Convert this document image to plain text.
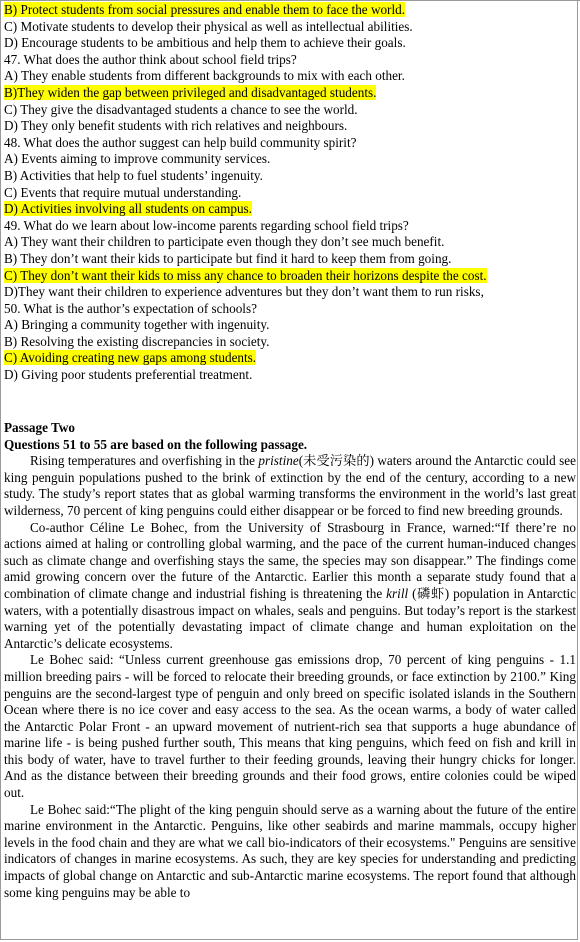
B) Protect students from social pressures and enable them to face the world.
C) Motivate students to develop their physical as well as intellectual abilities.
D) Encourage students to be ambitious and help them to achieve their goals.
47. What does the author think about school field trips?
A) They enable students from different backgrounds to mix with each other.
B)They widen the gap between privileged and disadvantaged students.
C) They give the disadvantaged students a chance to see the world.
D) They only benefit students with rich relatives and neighbours.
48. What does the author suggest can help build community spirit?
A) Events aiming to improve community services.
B) Activities that help to fuel students’ ingenuity.
C) Events that require mutual understanding.
D) Activities involving all students on campus.
49. What do we learn about low-income parents regarding school field trips?
A) They want their children to participate even though they don’t see much benefit.
B) They don’t want their kids to participate but find it hard to keep them from going.
C) They don’t want their kids to miss any chance to broaden their horizons despite the cost.
D)They want their children to experience adventures but they don’t want them to run risks,
50. What is the author’s expectation of schools?
A) Bringing a community together with ingenuity.
B) Resolving the existing discrepancies in society.
C) Avoiding creating new gaps among students.
D) Giving poor students preferential treatment.
Passage Two
Questions 51 to 55 are based on the following passage.

Rising temperatures and overfishing in the pristine(未受污染的) waters around the Antarctic could see king penguin populations pushed to the brink of extinction by the end of the century, according to a new study. The study’s report states that as global warming transforms the environment in the world’s last great wilderness, 70 percent of king penguins could either disappear or be forced to find new breeding grounds.

Co-author Céline Le Bohec, from the University of Strasbourg in France, warned:“If there’re no actions aimed at haling or controlling global warming, and the pace of the current human-induced changes such as climate change and overfishing stays the same, the species may son disappear.” The findings come amid growing concern over the future of the Antarctic. Earlier this month a separate study found that a combination of climate change and industrial fishing is threatening the krill (磷虾) population in Antarctic waters, with a potentially disastrous impact on whales, seals and penguins. But today’s report is the starkest warning yet of the potentially devastating impact of climate change and human exploitation on the Antarctic’s delicate ecosystems.

Le Bohec said: “Unless current greenhouse gas emissions drop, 70 percent of king penguins - 1.1 million breeding pairs - will be forced to relocate their breeding grounds, or face extinction by 2100.” King penguins are the second-largest type of penguin and only breed on specific isolated islands in the Southern Ocean where there is no ice cover and easy access to the sea. As the ocean warms, a body of water called the Antarctic Polar Front - an upward movement of nutrient-rich sea that supports a huge abundance of marine life - is being pushed further south, This means that king penguins, which feed on fish and krill in this body of water, have to travel further to their feeding grounds, leaving their hungry chicks for longer. And as the distance between their breeding grounds and their food grows, entire colonies could be wiped out.

Le Bohec said:“The plight of the king penguin should serve as a warning about the future of the entire marine environment in the Antarctic. Penguins, like other seabirds and marine mammals, occupy higher levels in the food chain and they are what we call bio-indicators of their ecosystems." Penguins are sensitive indicators of changes in marine ecosystems. As such, they are key species for understanding and predicting impacts of global change on Antarctic and sub-Antarctic marine ecosystems. The report found that although some king penguins may be able to
